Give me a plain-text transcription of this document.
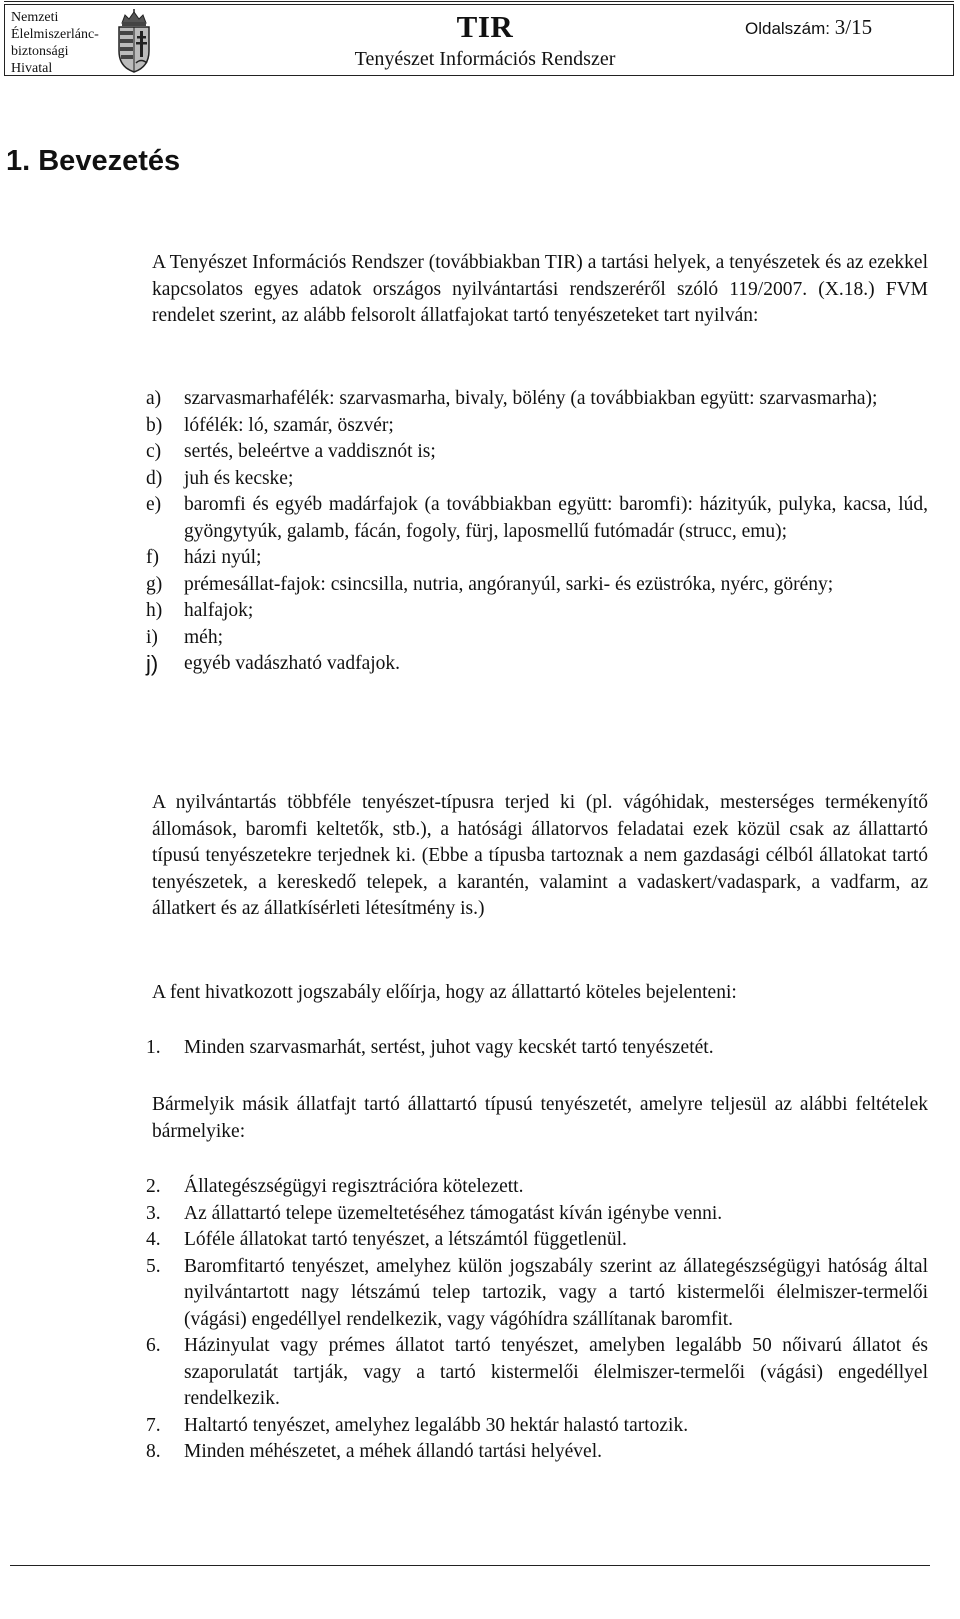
Nemzeti
Élelmiszerlánc-
biztonsági
Hivatal
TIR
Tenyészet Információs Rendszer
Oldalszám: 3/15
1. Bevezetés

A Tenyészet Információs Rendszer (továbbiakban TIR) a tartási helyek, a tenyészetek és az ezekkel kapcsolatos egyes adatok országos nyilvántartási rendszeréről szóló 119/2007. (X.18.) FVM rendelet szerint, az alább felsorolt állatfajokat tartó tenyészeteket tart nyilván:

a) szarvasmarhafélék: szarvasmarha, bivaly, bölény (a továbbiakban együtt: szarvasmarha);
b) lófélék: ló, szamár, öszvér;
c) sertés, beleértve a vaddisznót is;
d) juh és kecske;
e) baromfi és egyéb madárfajok (a továbbiakban együtt: baromfi): házityúk, pulyka, kacsa, lúd, gyöngytyúk, galamb, fácán, fogoly, fürj, laposmellű futómadár (strucc, emu);
f) házi nyúl;
g) prémesállat-fajok: csincsilla, nutria, angóranyúl, sarki- és ezüstróka, nyérc, görény;
h) halfajok;
i) méh;
j) egyéb vadászható vadfajok.

A nyilvántartás többféle tenyészet-típusra terjed ki (pl. vágóhidak, mesterséges termékenyítő állomások, baromfi keltetők, stb.), a hatósági állatorvos feladatai ezek közül csak az állattartó típusú tenyészetekre terjednek ki. (Ebbe a típusba tartoznak a nem gazdasági célból állatokat tartó tenyészetek, a kereskedő telepek, a karantén, valamint a vadaskert/vadaspark, a vadfarm, az állatkert és az állatkísérleti létesítmény is.)

A fent hivatkozott jogszabály előírja, hogy az állattartó köteles bejelenteni:

1. Minden szarvasmarhát, sertést, juhot vagy kecskét tartó tenyészetét.

Bármelyik másik állatfajt tartó állattartó típusú tenyészetét, amelyre teljesül az alábbi feltételek bármelyike:

2. Állategészségügyi regisztrációra kötelezett.
3. Az állattartó telepe üzemeltetéséhez támogatást kíván igénybe venni.
4. Lóféle állatokat tartó tenyészet, a létszámtól függetlenül.
5. Baromfitartó tenyészet, amelyhez külön jogszabály szerint az állategészségügyi hatóság által nyilvántartott nagy létszámú telep tartozik, vagy a tartó kistermelői élelmiszer-termelői (vágási) engedéllyel rendelkezik, vagy vágóhídra szállítanak baromfit.
6. Házinyulat vagy prémes állatot tartó tenyészet, amelyben legalább 50 nőivarú állatot és szaporulatát tartják, vagy a tartó kistermelői élelmiszer-termelői (vágási) engedéllyel rendelkezik.
7. Haltartó tenyészet, amelyhez legalább 30 hektár halastó tartozik.
8. Minden méhészetet, a méhek állandó tartási helyével.
